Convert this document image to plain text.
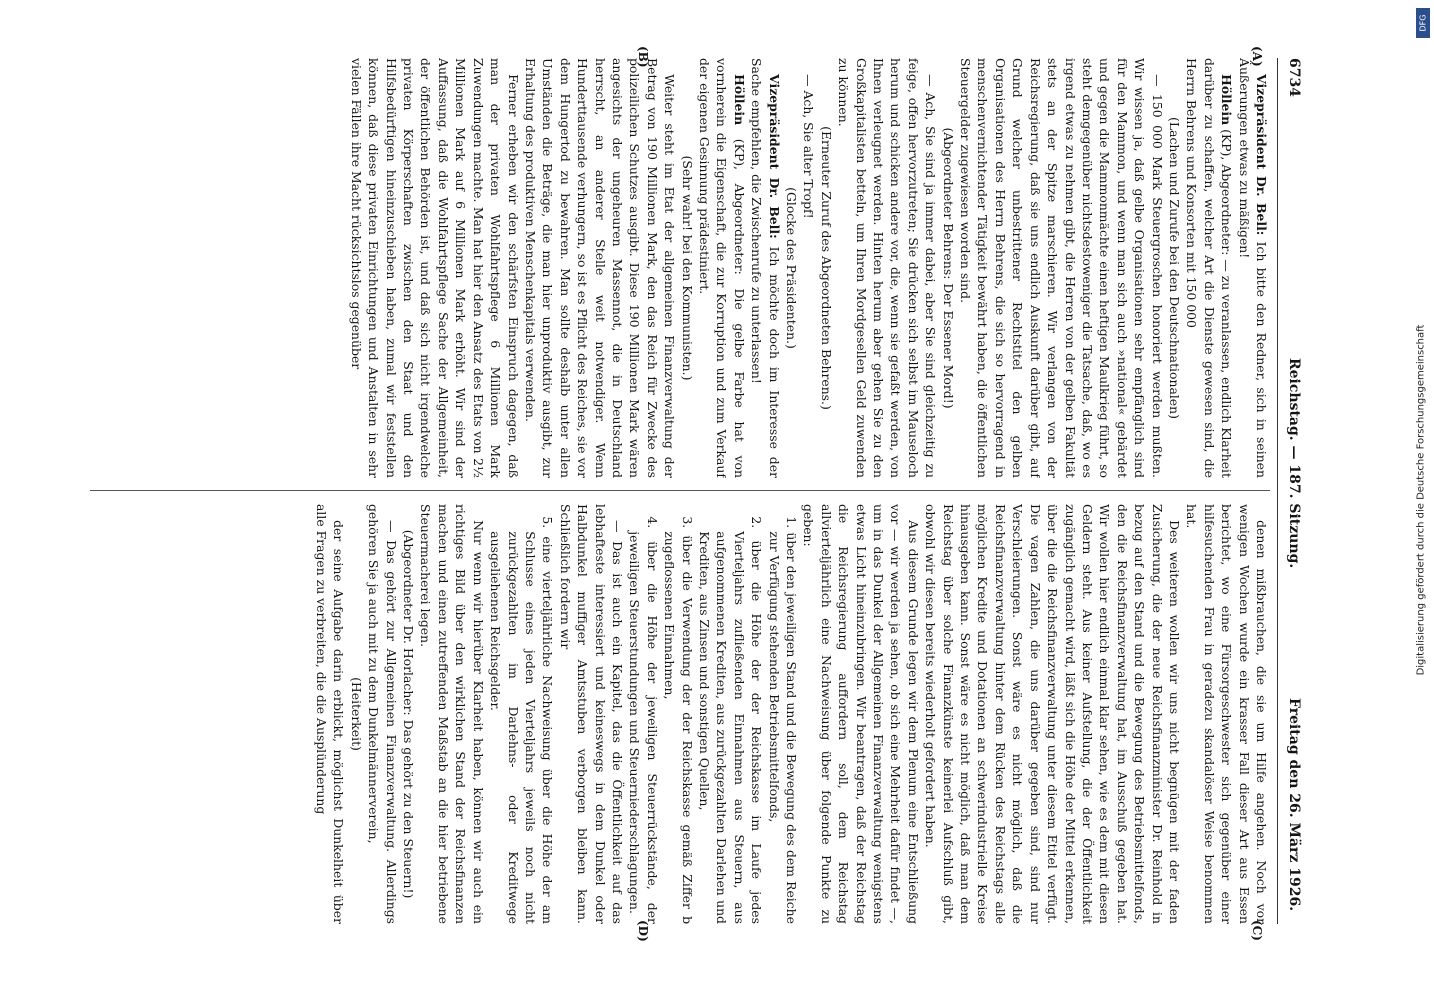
6734
Reichstag. — 187. Sitzung.
Freitag den 26. März 1926.

Vizepräsident Dr. Bell: Ich bitte den Redner, sich in seinen Äußerungen etwas zu mäßigen!

Höllein (KP), Abgeordneter: — zu veranlassen, endlich Klarheit darüber zu schaffen, welcher Art die Dienste gewesen sind, die Herrn Behrens und Konsorten mit 150 000

(Lachen und Zurufe bei den Deutschnationalen)

— 150 000 Mark Steuergroschen honoriert werden mußten. Wir wissen ja, daß gelbe Organisationen sehr empfänglich sind für den Mammon, und wenn man sich auch »national« gebärdet und gegen die Mammonmächte einen heftigen Maulkrieg führt, so steht demgegenüber nichtsdestoweniger die Tatsache, daß, wo es irgend etwas zu nehmen gibt, die Herren von der gelben Fakultät stets an der Spitze marschieren. Wir verlangen von der Reichsregierung, daß sie uns endlich Auskunft darüber gibt, auf Grund welcher unbestrittener Rechtstitel den gelben Organisationen des Herrn Behrens, die sich so hervorragend in menschenvernichtender Tätigkeit bewährt haben, die öffentlichen Steuergelder zugewiesen worden sind.

(Abgeordneter Behrens: Der Essener Mord!)

— Ach, Sie sind ja immer dabei, aber Sie sind gleichzeitig zu feige, offen hervorzutreten; Sie drücken sich selbst im Mauseloch herum und schicken andere vor, die, wenn sie gefaßt werden, von Ihnen verleugnet werden. Hinten herum aber gehen Sie zu den Großkapitalisten betteln, um Ihren Mordgesellen Geld zuwenden zu können.

(Erneuter Zuruf des Abgeordneten Behrens.)

— Ach, Sie alter Tropf!

(Glocke des Präsidenten.)

Vizepräsident Dr. Bell: Ich möchte doch im Interesse der Sache empfehlen, die Zwischenrufe zu unterlassen!

Höllein (KP), Abgeordneter: Die gelbe Farbe hat von vornherein die Eigenschaft, die zur Korruption und zum Verkauf der eigenen Gesinnung prädestiniert.

(Sehr wahr! bei den Kommunisten.)

Weiter steht im Etat der allgemeinen Finanzverwaltung der Betrag von 190 Millionen Mark, den das Reich für Zwecke des polizeilichen Schutzes ausgibt. Diese 190 Millionen Mark wären angesichts der ungeheuren Massennot, die in Deutschland herrscht, an anderer Stelle weit notwendiger. Wenn Hunderttausende verhungern, so ist es Pflicht des Reiches, sie vor dem Hungertod zu bewahren. Man sollte deshalb unter allen Umständen die Beträge, die man hier unproduktiv ausgibt, zur Erhaltung des produktiven Menschenkapitals verwenden.

Ferner erheben wir den schärfsten Einspruch dagegen, daß man der privaten Wohlfahrtspflege 6 Millionen Mark Zuwendungen machte. Man hat hier den Ansatz des Etats von 2½ Millionen Mark auf 6 Millionen Mark erhöht. Wir sind der Auffassung, daß die Wohlfahrtspflege Sache der Allgemeinheit, der öffentlichen Behörden ist, und daß sich nicht irgendwelche privaten Körperschaften zwischen den Staat und den Hilfsbedürftigen hineinzuschieben haben, zumal wir feststellen können, daß diese privaten Einrichtungen und Anstalten in sehr vielen Fällen ihre Macht rücksichtslos gegenüber

denen mißbrauchen, die sie um Hilfe angehen. Noch vor wenigen Wochen wurde ein krasser Fall dieser Art aus Essen berichtet, wo eine Fürsorgeschwester sich gegenüber einer hilfesuchenden Frau in geradezu skandalöser Weise benommen hat.

Des weiteren wollen wir uns nicht begnügen mit der faden Zusicherung, die der neue Reichsfinanzminister Dr. Reinhold in bezug auf den Stand und die Bewegung des Betriebsmittelfonds, den die Reichsfinanzverwaltung hat, im Ausschuß gegeben hat. Wir wollen hier endlich einmal klar sehen, wie es dem mit diesen Geldern steht. Aus keiner Aufstellung, die der Öffentlichkeit zugänglich gemacht wird, läßt sich die Höhe der Mittel erkennen, über die die Reichsfinanzverwaltung unter diesem Etitel verfügt. Die vagen Zahlen, die uns darüber gegeben sind, sind nur Verschleierungen. Sonst wäre es nicht möglich, daß die Reichsfinanzverwaltung hinter dem Rücken des Reichstags alle möglichen Kredite und Dotationen an schwerindustrielle Kreise hinausgeben kann. Sonst wäre es nicht möglich, daß man dem Reichstag über solche Finanzkünste keinerlei Aufschluß gibt, obwohl wir diesen bereits wiederholt gefordert haben.

Aus diesem Grunde legen wir dem Plenum eine Entschließung vor — wir werden ja sehen, ob sich eine Mehrheit dafür findet —, um in das Dunkel der Allgemeinen Finanzverwaltung wenigstens etwas Licht hineinzubringen. Wir beantragen, daß der Reichstag die Reichsregierung auffordern soll, dem Reichstag allvierteljährlich eine Nachweisung über folgende Punkte zu geben:

1. über den jeweiligen Stand und die Bewegung des dem Reiche zur Verfügung stehenden Betriebsmittelfonds,

2. über die Höhe der der Reichskasse im Laufe jedes Vierteljahrs zufließenden Einnahmen aus Steuern, aus aufgenommenen Krediten, aus zurückgezahlten Darlehen und Krediten, aus Zinsen und sonstigen Quellen,

3. über die Verwendung der der Reichskasse gemäß Ziffer b zugeflossenen Einnahmen,

4. über die Höhe der jeweiligen Steuerrückstände, der jeweiligen Steuerstundungen und Steuerniederschlagungen.

— Das ist auch ein Kapitel, das die Öffentlichkeit auf das lebhafteste interessiert und keineswegs in dem Dunkel oder Halbdunkel muffiger Amtsstuben verborgen bleiben kann. Schließlich fordern wir

5. eine vierteljährliche Nachweisung über die Höhe der am Schlusse eines jeden Vierteljahrs jeweils noch nicht zurückgezahlten im Darlehns- oder Kreditwege ausgeliehenen Reichsgelder.

Nur wenn wir hierüber Klarheit haben, können wir auch ein richtiges Bild über den wirklichen Stand der Reichsfinanzen machen und einen zutreffenden Maßstab an die hier betriebene Steuermacherei legen.

(Abgeordneter Dr. Horlacher: Das gehört zu den Steuern!)

— Das gehört zur Allgemeinen Finanzverwaltung. Allerdings gehören Sie ja auch mit zu dem Dunkelmännerverein,

(Heiterkeit)

der seine Aufgabe darin erblickt, möglichst Dunkelheit über alle Fragen zu verbreiten, die die Ausplünderung

(A)
(B)
(C)
(D)
DFG
Digitalisierung gefördert durch die Deutsche Forschungsgemeinschaft
